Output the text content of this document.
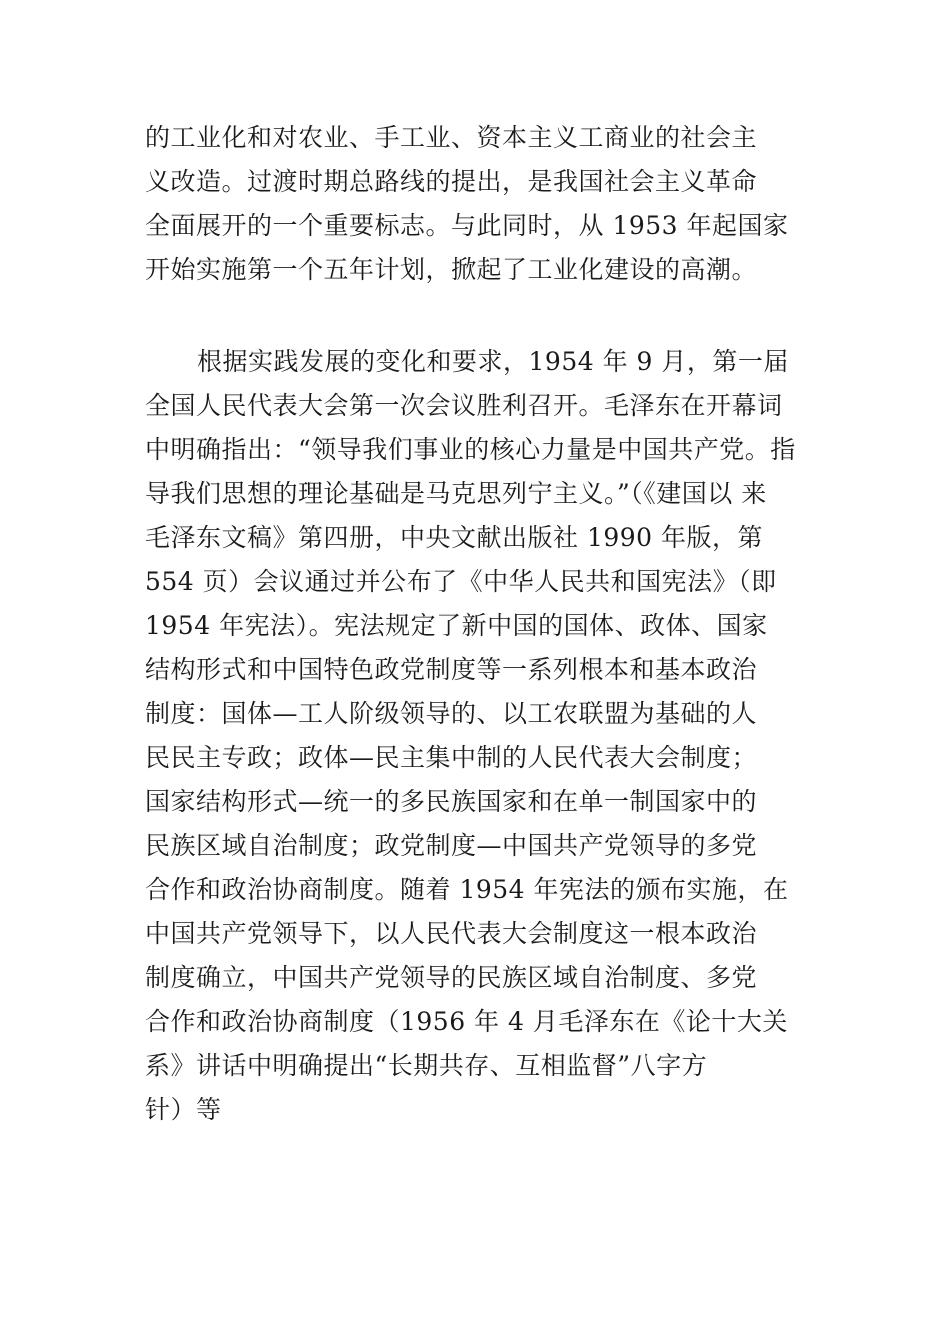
的工业化和对农业、手工业、资本主义工商业的社会主
义改造。过渡时期总路线的提出，是我国社会主义革命
全面展开的一个重要标志。与此同时，从 1953 年起国家
开始实施第一个五年计划，掀起了工业化建设的高潮。
根据实践发展的变化和要求，1954 年 9 月，第一届
全国人民代表大会第一次会议胜利召开。毛泽东在开幕词
中明确指出：“领导我们事业的核心力量是中国共产党。指
导我们思想的理论基础是马克思列宁主义。”（《建国以 来
毛泽东文稿》第四册，中央文献出版社 1990 年版，第
554 页）会议通过并公布了《中华人民共和国宪法》（即
1954 年宪法）。宪法规定了新中国的国体、政体、国家
结构形式和中国特色政党制度等一系列根本和基本政治
制度：国体—工人阶级领导的、以工农联盟为基础的人
民民主专政；政体—民主集中制的人民代表大会制度；
国家结构形式—统一的多民族国家和在单一制国家中的
民族区域自治制度；政党制度—中国共产党领导的多党
合作和政治协商制度。随着 1954 年宪法的颁布实施，在
中国共产党领导下，以人民代表大会制度这一根本政治
制度确立，中国共产党领导的民族区域自治制度、多党
合作和政治协商制度（1956 年 4 月毛泽东在《论十大关
系》讲话中明确提出“长期共存、互相监督”八字方
针）等
